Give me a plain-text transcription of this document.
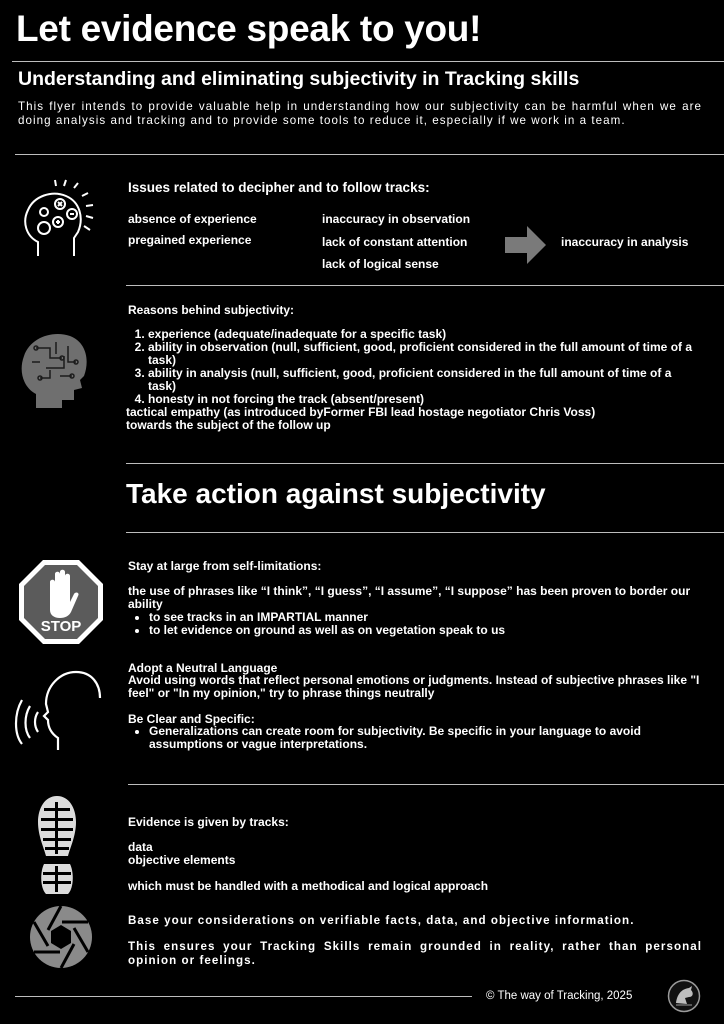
Let evidence speak to you!
Understanding and eliminating subjectivity in Tracking skills
This flyer intends to provide valuable help in understanding how our subjectivity can be harmful when we are doing analysis and tracking and to provide some tools to reduce it, especially if we work in a team.
Issues related to decipher and to follow tracks:
absence of experience
pregained experience
inaccuracy in observation
lack of constant attention
lack of logical sense
inaccuracy in analysis
Reasons behind subjectivity:
1. experience (adequate/inadequate for a specific task)
2. ability in observation (null, sufficient, good, proficient considered in the full amount of time of a task)
3. ability in analysis (null, sufficient, good, proficient considered in the full amount of time of a task)
4. honesty in not forcing the track (absent/present)
tactical empathy (as introduced byFormer FBI lead hostage negotiator Chris Voss)
towards the subject of the follow up
Take action against subjectivity
STOP
Stay at large from self-limitations:
the use of phrases like “I think”, “I guess”, “I assume”, “I suppose” has been proven to border our ability
• to see tracks in an IMPARTIAL manner
• to let evidence on ground as well as on vegetation speak to us
Adopt a Neutral Language
Avoid using words that reflect personal emotions or judgments. Instead of subjective phrases like "I feel" or "In my opinion," try to phrase things neutrally
Be Clear and Specific:
• Generalizations can create room for subjectivity. Be specific in your language to avoid assumptions or vague interpretations.
Evidence is given by tracks:
data
objective elements
which must be handled with a methodical and logical approach
Base your considerations on verifiable facts, data, and objective information.
This ensures your Tracking Skills remain grounded in reality, rather than personal opinion or feelings.
© The way of Tracking, 2025
